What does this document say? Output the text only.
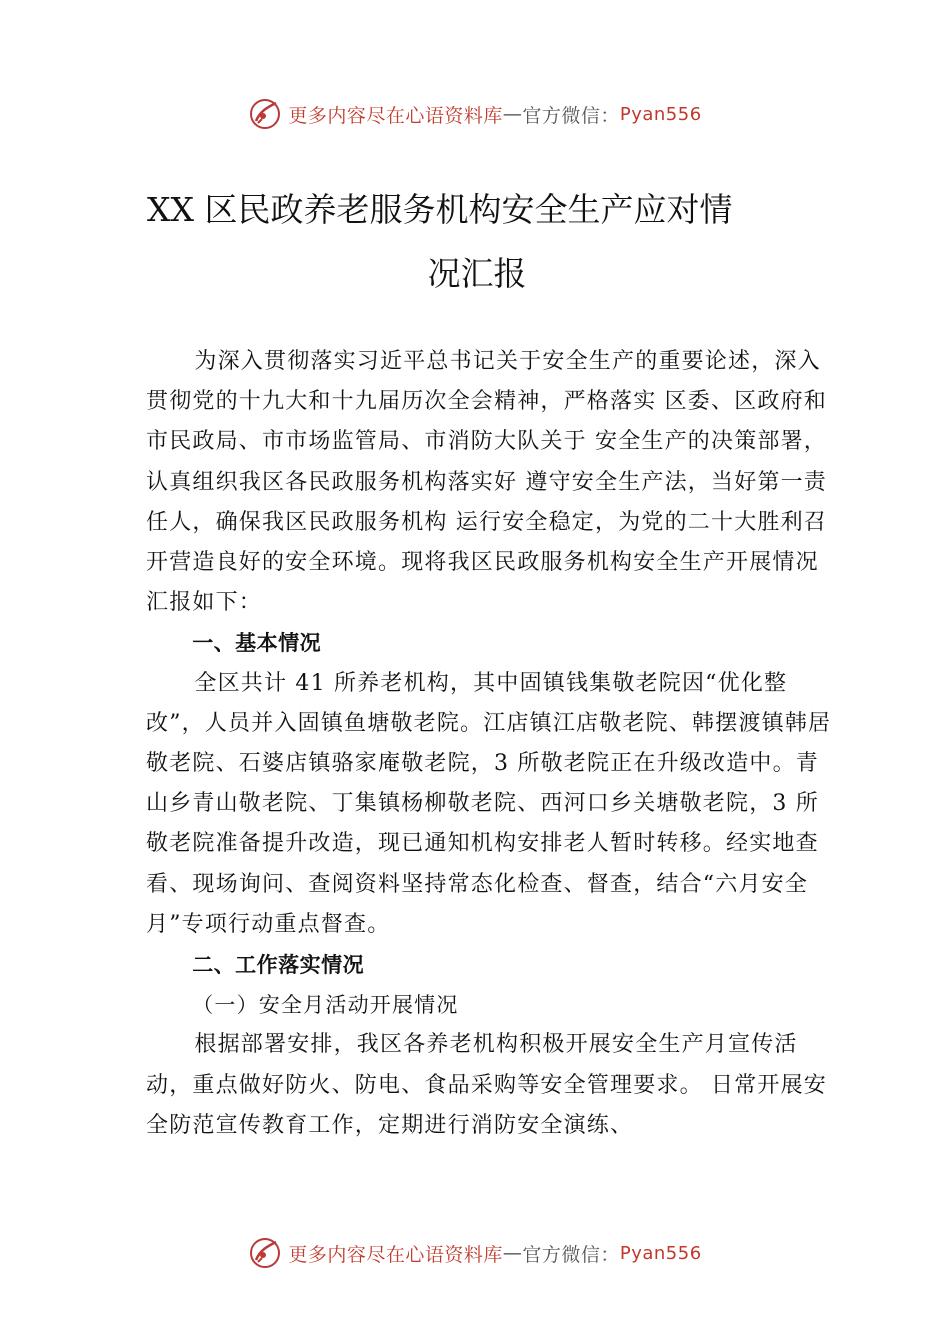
更多内容尽在心语资料库 — 官方微信： Pyan556
XX 区民政养老服务机构安全生产应对情
况汇报

为深入贯彻落实习近平总书记关于安全生产的重要论述，深入贯彻党的十九大和十九届历次全会精神，严格落实 区委、区政府和市民政局、市市场监管局、市消防大队关于 安全生产的决策部署，认真组织我区各民政服务机构落实好 遵守安全生产法，当好第一责任人，确保我区民政服务机构 运行安全稳定，为党的二十大胜利召开营造良好的安全环境。现将我区民政服务机构安全生产开展情况汇报如下：

一、基本情况

全区共计 41 所养老机构，其中固镇钱集敬老院因“优化整改”，人员并入固镇鱼塘敬老院。江店镇江店敬老院、韩摆渡镇韩居敬老院、石婆店镇骆家庵敬老院，3 所敬老院正在升级改造中。青山乡青山敬老院、丁集镇杨柳敬老院、西河口乡关塘敬老院，3 所敬老院准备提升改造，现已通知机构安排老人暂时转移。经实地查看、现场询问、查阅资料坚持常态化检查、督查，结合“六月安全月”专项行动重点督查。

二、工作落实情况

（一）安全月活动开展情况

根据部署安排，我区各养老机构积极开展安全生产月宣传活动，重点做好防火、防电、食品采购等安全管理要求。 日常开展安全防范宣传教育工作，定期进行消防安全演练、

更多内容尽在心语资料库 — 官方微信： Pyan556
